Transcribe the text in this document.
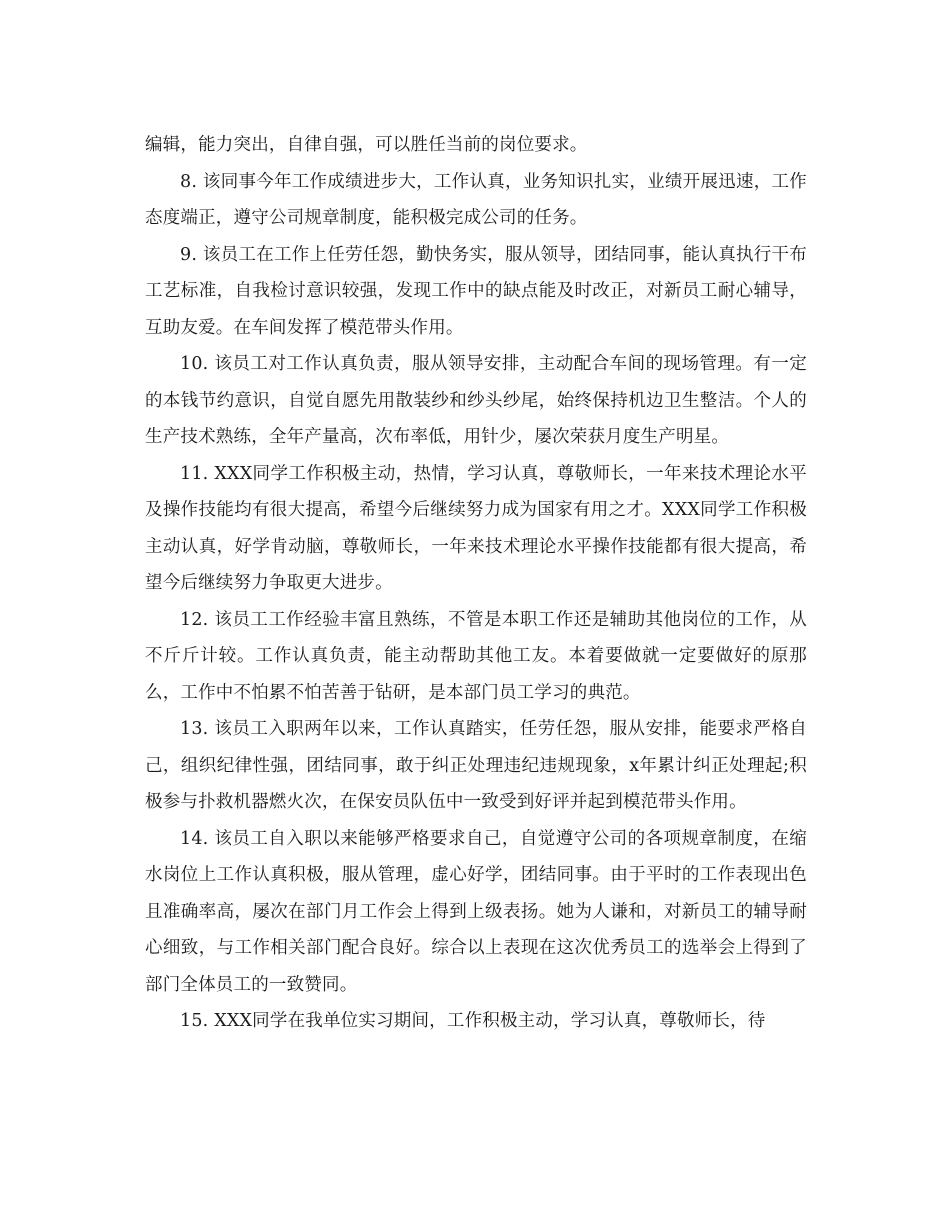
编辑，能力突出，自律自强，可以胜任当前的岗位要求。

8. 该同事今年工作成绩进步大，工作认真，业务知识扎实，业绩开展迅速，工作态度端正，遵守公司规章制度，能积极完成公司的任务。

9. 该员工在工作上任劳任怨，勤快务实，服从领导，团结同事，能认真执行干布工艺标准，自我检讨意识较强，发现工作中的缺点能及时改正，对新员工耐心辅导，互助友爱。在车间发挥了模范带头作用。

10. 该员工对工作认真负责，服从领导安排，主动配合车间的现场管理。有一定的本钱节约意识，自觉自愿先用散装纱和纱头纱尾，始终保持机边卫生整洁。个人的生产技术熟练，全年产量高，次布率低，用针少，屡次荣获月度生产明星。

11. XXX同学工作积极主动，热情，学习认真，尊敬师长，一年来技术理论水平及操作技能均有很大提高，希望今后继续努力成为国家有用之才。XXX同学工作积极主动认真，好学肯动脑，尊敬师长，一年来技术理论水平操作技能都有很大提高，希望今后继续努力争取更大进步。

12. 该员工工作经验丰富且熟练，不管是本职工作还是辅助其他岗位的工作，从不斤斤计较。工作认真负责，能主动帮助其他工友。本着要做就一定要做好的原那么，工作中不怕累不怕苦善于钻研，是本部门员工学习的典范。

13. 该员工入职两年以来，工作认真踏实，任劳任怨，服从安排，能要求严格自己，组织纪律性强，团结同事，敢于纠正处理违纪违规现象，x年累计纠正处理起;积极参与扑救机器燃火次，在保安员队伍中一致受到好评并起到模范带头作用。

14. 该员工自入职以来能够严格要求自己，自觉遵守公司的各项规章制度，在缩水岗位上工作认真积极，服从管理，虚心好学，团结同事。由于平时的工作表现出色且准确率高，屡次在部门月工作会上得到上级表扬。她为人谦和，对新员工的辅导耐心细致，与工作相关部门配合良好。综合以上表现在这次优秀员工的选举会上得到了部门全体员工的一致赞同。

15. XXX同学在我单位实习期间，工作积极主动，学习认真，尊敬师长，待
